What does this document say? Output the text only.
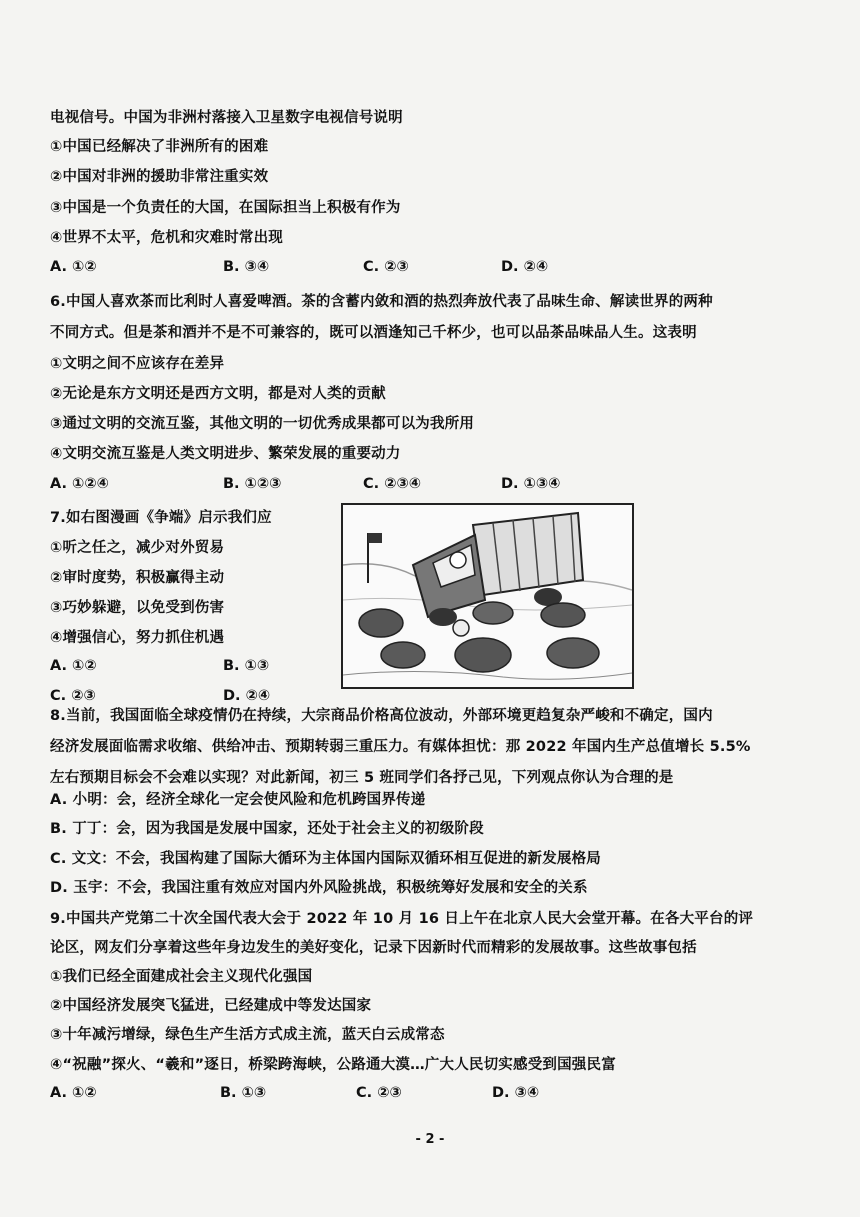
电视信号。中国为非洲村落接入卫星数字电视信号说明
①中国已经解决了非洲所有的困难
②中国对非洲的援助非常注重实效
③中国是一个负责任的大国，在国际担当上积极有作为
④世界不太平，危机和灾难时常出现
A. ①②	B. ③④	C. ②③	D. ②④
6.中国人喜欢茶而比利时人喜爱啤酒。茶的含蓄内敛和酒的热烈奔放代表了品味生命、解读世界的两种
不同方式。但是茶和酒并不是不可兼容的，既可以酒逢知己千杯少，也可以品茶品味品人生。这表明
①文明之间不应该存在差异
②无论是东方文明还是西方文明，都是对人类的贡献
③通过文明的交流互鉴，其他文明的一切优秀成果都可以为我所用
④文明交流互鉴是人类文明进步、繁荣发展的重要动力
A. ①②④	B. ①②③	C. ②③④	D. ①③④
7.如右图漫画《争端》启示我们应
①听之任之，减少对外贸易
②审时度势，积极赢得主动
③巧妙躲避，以免受到伤害
④增强信心，努力抓住机遇
A. ①②	B. ①③
C. ②③	D. ②④
8.当前，我国面临全球疫情仍在持续，大宗商品价格高位波动，外部环境更趋复杂严峻和不确定，国内
经济发展面临需求收缩、供给冲击、预期转弱三重压力。有媒体担忧：那 2022 年国内生产总值增长 5.5%
左右预期目标会不会难以实现？对此新闻，初三 5 班同学们各抒己见，下列观点你认为合理的是
A. 小明：会，经济全球化一定会使风险和危机跨国界传递
B. 丁丁：会，因为我国是发展中国家，还处于社会主义的初级阶段
C. 文文：不会，我国构建了国际大循环为主体国内国际双循环相互促进的新发展格局
D. 玉宇：不会，我国注重有效应对国内外风险挑战，积极统筹好发展和安全的关系
9.中国共产党第二十次全国代表大会于 2022 年 10 月 16 日上午在北京人民大会堂开幕。在各大平台的评
论区，网友们分享着这些年身边发生的美好变化，记录下因新时代而精彩的发展故事。这些故事包括
①我们已经全面建成社会主义现代化强国
②中国经济发展突飞猛进，已经建成中等发达国家
③十年减污增绿，绿色生产生活方式成主流，蓝天白云成常态
④“祝融”探火、“羲和”逐日，桥梁跨海峡，公路通大漠…广大人民切实感受到国强民富
A. ①②	B. ①③	C. ②③	D. ③④
- 2 -
